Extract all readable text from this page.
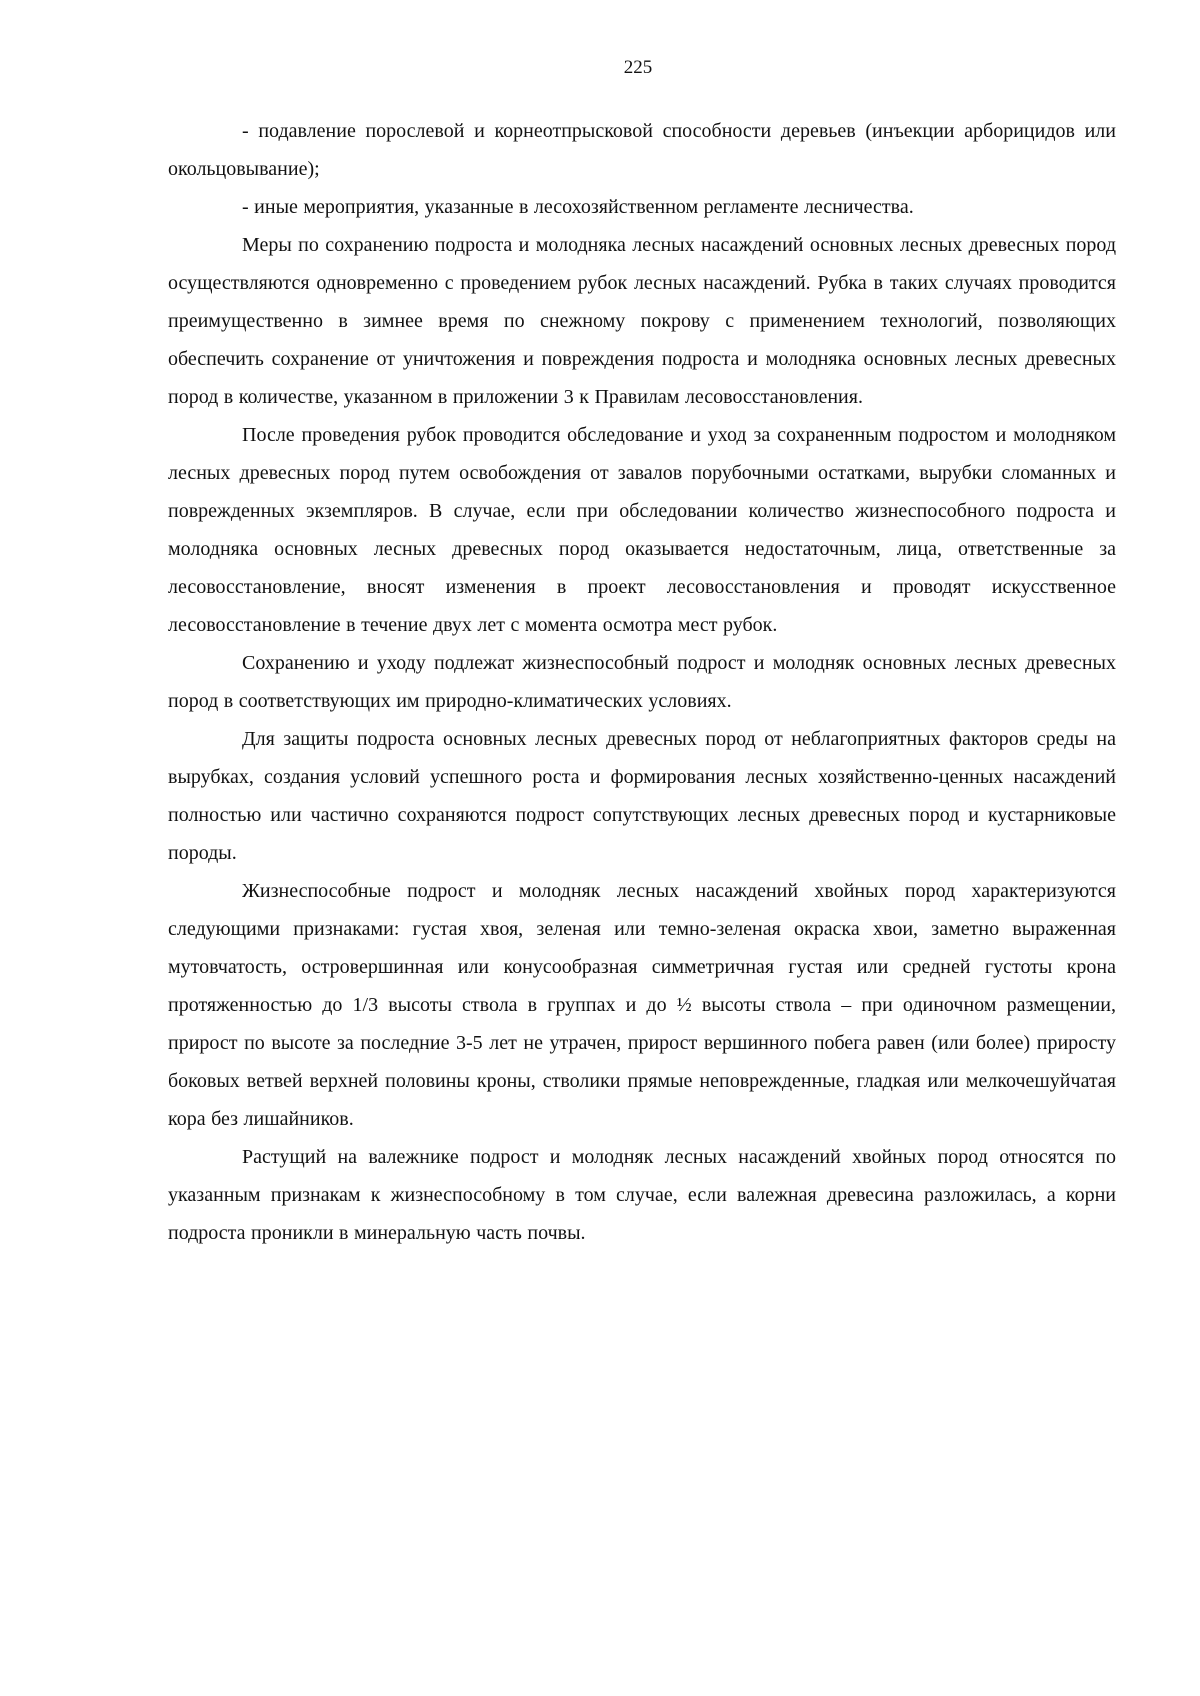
225

- подавление порослевой и корнеотпрысковой способности деревьев (инъекции арборицидов или окольцовывание);

- иные мероприятия, указанные в лесохозяйственном регламенте лесничества.

Меры по сохранению подроста и молодняка лесных насаждений основных лесных древесных пород осуществляются одновременно с проведением рубок лесных насаждений. Рубка в таких случаях проводится преимущественно в зимнее время по снежному покрову с применением технологий, позволяющих обеспечить сохранение от уничтожения и повреждения подроста и молодняка основных лесных древесных пород в количестве, указанном в приложении 3 к Правилам лесовосстановления.

После проведения рубок проводится обследование и уход за сохраненным подростом и молодняком лесных древесных пород путем освобождения от завалов порубочными остатками, вырубки сломанных и поврежденных экземпляров. В случае, если при обследовании количество жизнеспособного подроста и молодняка основных лесных древесных пород оказывается недостаточным, лица, ответственные за лесовосстановление, вносят изменения в проект лесовосстановления и проводят искусственное лесовосстановление в течение двух лет с момента осмотра мест рубок.

Сохранению и уходу подлежат жизнеспособный подрост и молодняк основных лесных древесных пород в соответствующих им природно-климатических условиях.

Для защиты подроста основных лесных древесных пород от неблагоприятных факторов среды на вырубках, создания условий успешного роста и формирования лесных хозяйственно-ценных насаждений полностью или частично сохраняются подрост сопутствующих лесных древесных пород и кустарниковые породы.

Жизнеспособные подрост и молодняк лесных насаждений хвойных пород характеризуются следующими признаками: густая хвоя, зеленая или темно-зеленая окраска хвои, заметно выраженная мутовчатость, островершинная или конусообразная симметричная густая или средней густоты крона протяженностью до 1/3 высоты ствола в группах и до ½ высоты ствола – при одиночном размещении, прирост по высоте за последние 3-5 лет не утрачен, прирост вершинного побега равен (или более) приросту боковых ветвей верхней половины кроны, стволики прямые неповрежденные, гладкая или мелкочешуйчатая кора без лишайников.

Растущий на валежнике подрост и молодняк лесных насаждений хвойных пород относятся по указанным признакам к жизнеспособному в том случае, если валежная древесина разложилась, а корни подроста проникли в минеральную часть почвы.
